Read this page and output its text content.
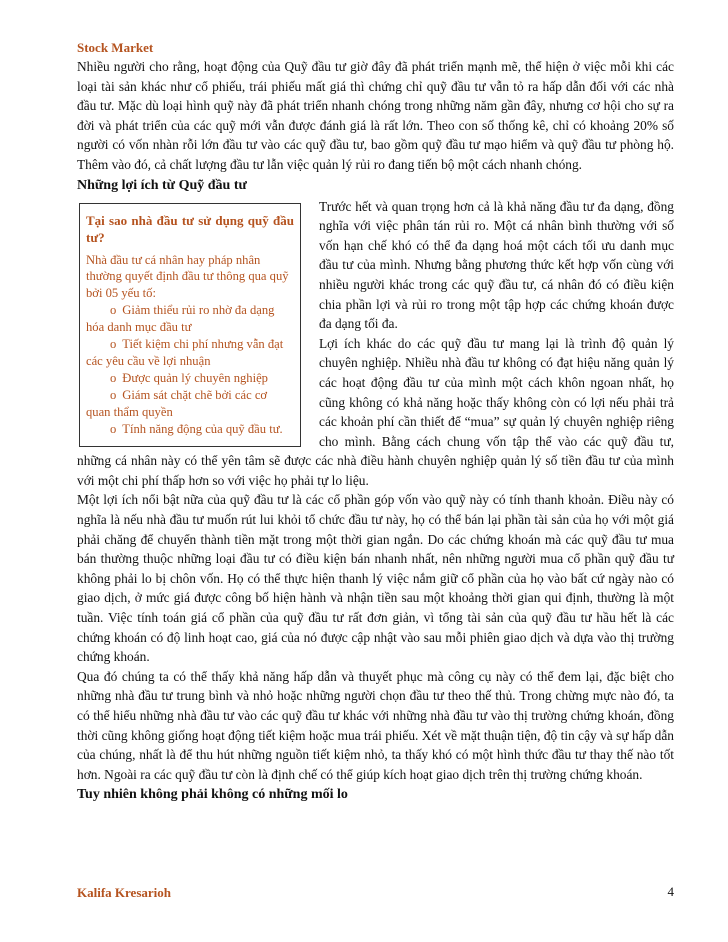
Stock Market

Nhiều người cho rằng, hoạt động của Quỹ đầu tư giờ đây đã phát triển mạnh mẽ, thể hiện ở việc mỗi khi các loại tài sản khác như cổ phiếu, trái phiếu mất giá thì chứng chỉ quỹ đầu tư vẫn tỏ ra hấp dẫn đối với các nhà đầu tư. Mặc dù loại hình quỹ này đã phát triển nhanh chóng trong những năm gần đây, nhưng cơ hội cho sự ra đời và phát triển của các quỹ mới vẫn được đánh giá là rất lớn. Theo con số thống kê, chỉ có khoảng 20% số người có vốn nhàn rỗi lớn đầu tư vào các quỹ đầu tư, bao gồm quỹ đầu tư mạo hiểm và quỹ đầu tư phòng hộ. Thêm vào đó, cả chất lượng đầu tư lẫn việc quản lý rủi ro đang tiến bộ một cách nhanh chóng.

Những lợi ích từ Quỹ đầu tư
Tại sao nhà đầu tư sử dụng quỹ đầu tư?
Nhà đầu tư cá nhân hay pháp nhân thường quyết định đầu tư thông qua quỹ bởi 05 yếu tố:
o Giảm thiểu rủi ro nhờ đa dạng hóa danh mục đầu tư
o Tiết kiệm chi phí nhưng vẫn đạt các yêu cầu về lợi nhuận
o Được quản lý chuyên nghiệp
o Giám sát chặt chẽ bởi các cơ quan thẩm quyền
o Tính năng động của quỹ đầu tư.

Trước hết và quan trọng hơn cả là khả năng đầu tư đa dạng, đồng nghĩa với việc phân tán rủi ro. Một cá nhân bình thường với số vốn hạn chế khó có thể đa dạng hoá một cách tối ưu danh mục đầu tư của mình. Nhưng bằng phương thức kết hợp vốn cùng với nhiều người khác trong các quỹ đầu tư, cá nhân đó có điều kiện chia phần lợi và rủi ro trong một tập hợp các chứng khoán được đa dạng tối đa.

Lợi ích khác do các quỹ đầu tư mang lại là trình độ quản lý chuyên nghiệp. Nhiều nhà đầu tư không có đạt hiệu năng quản lý các hoạt động đầu tư của mình một cách khôn ngoan nhất, họ cũng không có khả năng hoặc thấy không còn có lợi nếu phải trả các khoản phí cần thiết để “mua” sự quản lý chuyên nghiệp riêng cho mình. Bằng cách chung vốn tập thể vào các quỹ đầu tư, những cá nhân này có thể yên tâm sẽ được các nhà điều hành chuyên nghiệp quản lý số tiền đầu tư của mình với một chi phí thấp hơn so với việc họ phải tự lo liệu.

Một lợi ích nổi bật nữa của quỹ đầu tư là các cổ phần góp vốn vào quỹ này có tính thanh khoản. Điều này có nghĩa là nếu nhà đầu tư muốn rút lui khỏi tổ chức đầu tư này, họ có thể bán lại phần tài sản của họ với một giá phải chăng để chuyển thành tiền mặt trong một thời gian ngắn. Do các chứng khoán mà các quỹ đầu tư mua bán thường thuộc những loại đầu tư có điều kiện bán nhanh nhất, nên những người mua cổ phần quỹ đầu tư không phải lo bị chôn vốn. Họ có thể thực hiện thanh lý việc nắm giữ cổ phần của họ vào bất cứ ngày nào có giao dịch, ở mức giá được công bố hiện hành và nhận tiền sau một khoảng thời gian qui định, thường là một tuần. Việc tính toán giá cổ phần của quỹ đầu tư rất đơn giản, vì tổng tài sản của quỹ đầu tư hầu hết là các chứng khoán có độ linh hoạt cao, giá của nó được cập nhật vào sau mỗi phiên giao dịch và dựa vào thị trường chứng khoán.

Qua đó chúng ta có thể thấy khả năng hấp dẫn và thuyết phục mà công cụ này có thể đem lại, đặc biệt cho những nhà đầu tư trung bình và nhỏ hoặc những người chọn đầu tư theo thế thủ. Trong chừng mực nào đó, ta có thể hiểu những nhà đầu tư vào các quỹ đầu tư khác với những nhà đầu tư vào thị trường chứng khoán, đồng thời cũng không giống hoạt động tiết kiệm hoặc mua trái phiếu. Xét về mặt thuận tiện, độ tin cậy và sự hấp dẫn của chúng, nhất là để thu hút những nguồn tiết kiệm nhỏ, ta thấy khó có một hình thức đầu tư thay thế nào tốt hơn. Ngoài ra các quỹ đầu tư còn là định chế có thể giúp kích hoạt giao dịch trên thị trường chứng khoán.

Tuy nhiên không phải không có những mối lo
Kalifa Kresarioh	4
